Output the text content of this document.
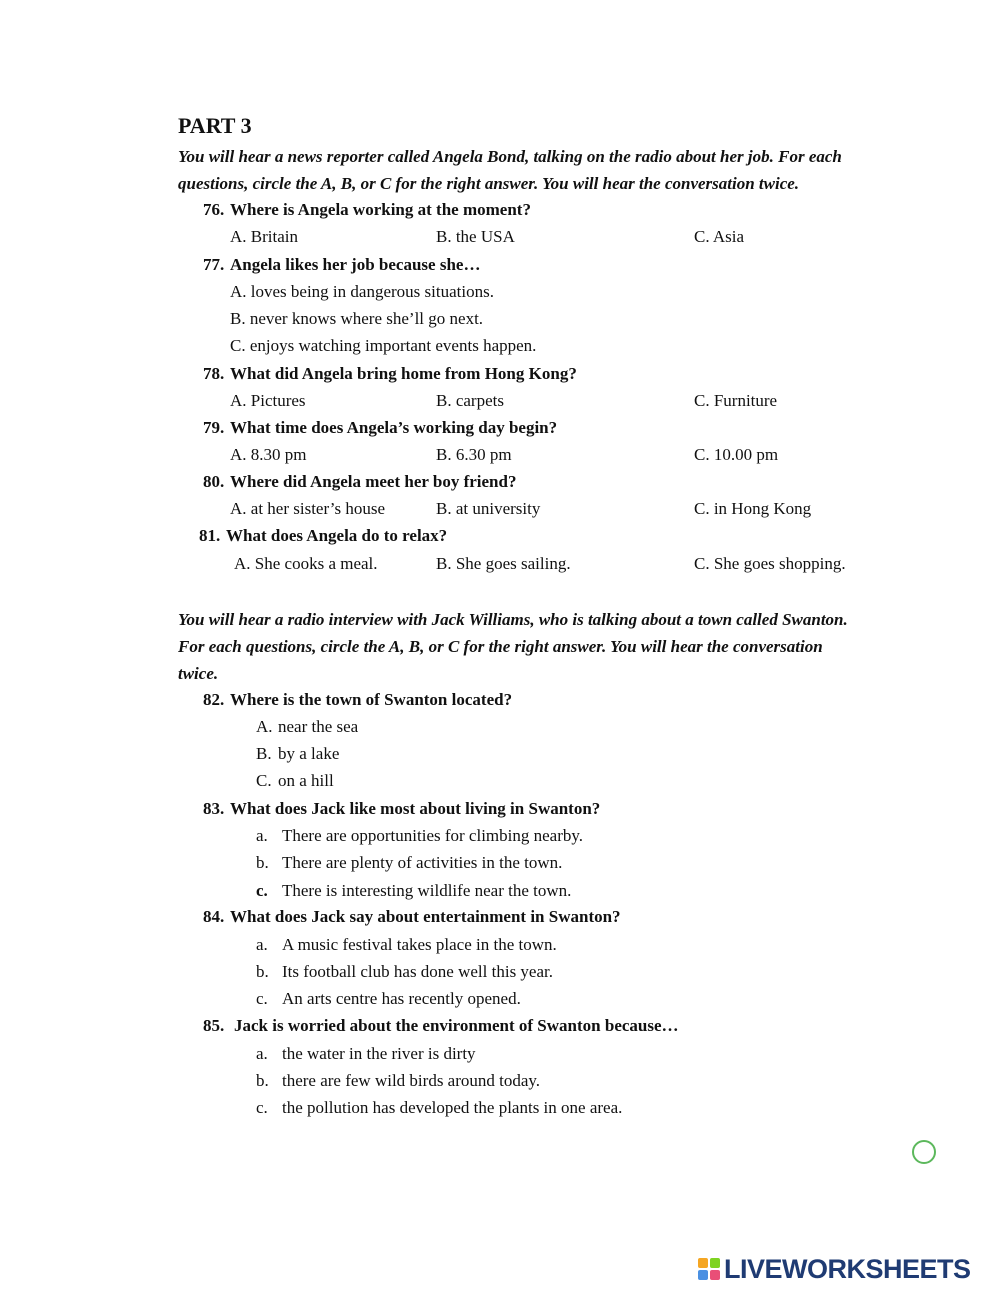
PART 3
You will hear a news reporter called Angela Bond, talking on the radio about her job. For each
questions, circle the A, B, or C for the right answer. You will hear the conversation twice.
76. Where is Angela working at the moment?
A. Britain	B. the USA	C. Asia
77. Angela likes her job because she…
A. loves being in dangerous situations.
B. never knows where she’ll go next.
C. enjoys watching important events happen.
78. What did Angela bring home from Hong Kong?
A. Pictures	B. carpets	C. Furniture
79. What time does Angela’s working day begin?
A. 8.30 pm	B. 6.30 pm	C. 10.00 pm
80. Where did Angela meet her boy friend?
A. at her sister’s house	B. at university	C. in Hong Kong
81. What does Angela do to relax?
A. She cooks a meal.	B. She goes sailing.	C. She goes shopping.
You will hear a radio interview with Jack Williams, who is talking about a town called Swanton.
For each questions, circle the A, B, or C for the right answer. You will hear the conversation
twice.
82. Where is the town of Swanton located?
A. near the sea
B. by a lake
C. on a hill
83. What does Jack like most about living in Swanton?
a. There are opportunities for climbing nearby.
b. There are plenty of activities in the town.
c. There is interesting wildlife near the town.
84. What does Jack say about entertainment in Swanton?
a. A music festival takes place in the town.
b. Its football club has done well this year.
c. An arts centre has recently opened.
85. Jack is worried about the environment of Swanton because…
a. the water in the river is dirty
b. there are few wild birds around today.
c. the pollution has developed the plants in one area.
LIVEWORKSHEETS
